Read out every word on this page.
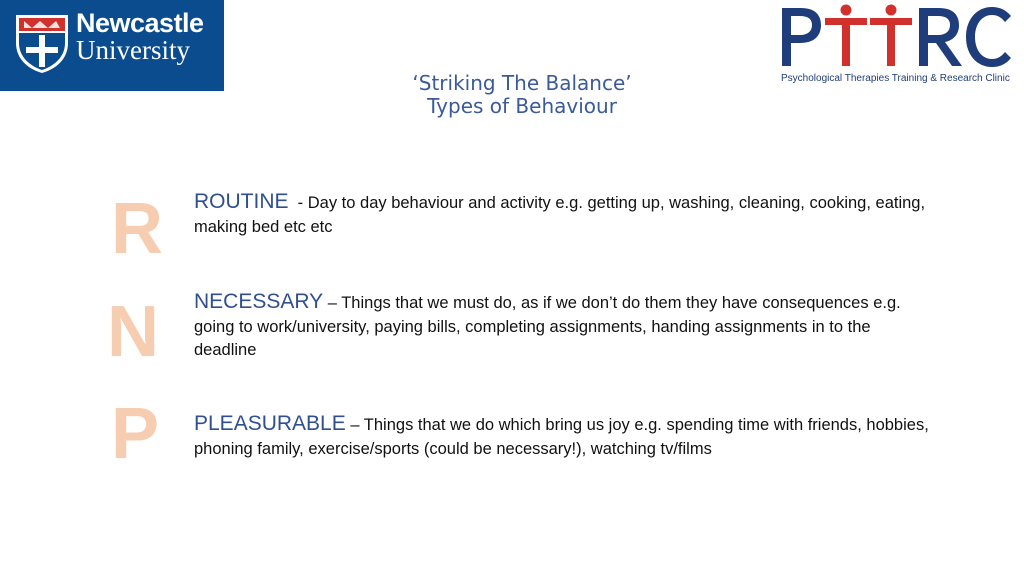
Newcastle
University
Psychological Therapies Training & Research Clinic
‘Striking The Balance’
Types of Behaviour
R
N
P
ROUTINE  - Day to day behaviour and activity e.g. getting up, washing, cleaning, cooking, eating, making bed etc etc
NECESSARY – Things that we must do, as if we don’t do them they have consequences e.g. going to work/university, paying bills, completing assignments, handing assignments in to the deadline
PLEASURABLE – Things that we do which bring us joy e.g. spending time with friends, hobbies, phoning family, exercise/sports (could be necessary!), watching tv/films
